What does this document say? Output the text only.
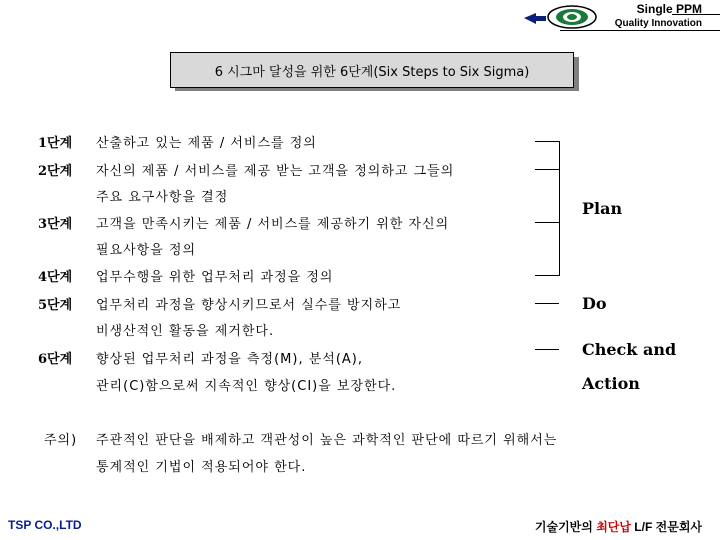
Single PPM
Quality Innovation
6 시그마 달성을 위한 6단계(Six Steps to Six Sigma)
1단계 산출하고 있는 제품 / 서비스를 정의
2단계 자신의 제품 / 서비스를 제공 받는 고객을 정의하고 그들의
주요 요구사항을 결정
3단계 고객을 만족시키는 제품 / 서비스를 제공하기 위한 자신의
필요사항을 정의
4단계 업무수행을 위한 업무처리 과정을 정의
5단계 업무처리 과정을 향상시키므로서 실수를 방지하고
비생산적인 활동을 제거한다.
6단계 향상된 업무처리 과정을 측정(M), 분석(A),
관리(C)함으로써 지속적인 향상(CI)을 보장한다.
Plan
Do
Check and
Action
주의) 주관적인 판단을 배제하고 객관성이 높은 과학적인 판단에 따르기 위해서는
통계적인 기법이 적용되어야 한다.
TSP CO.,LTD	기술기반의 최단납 L/F 전문회사
